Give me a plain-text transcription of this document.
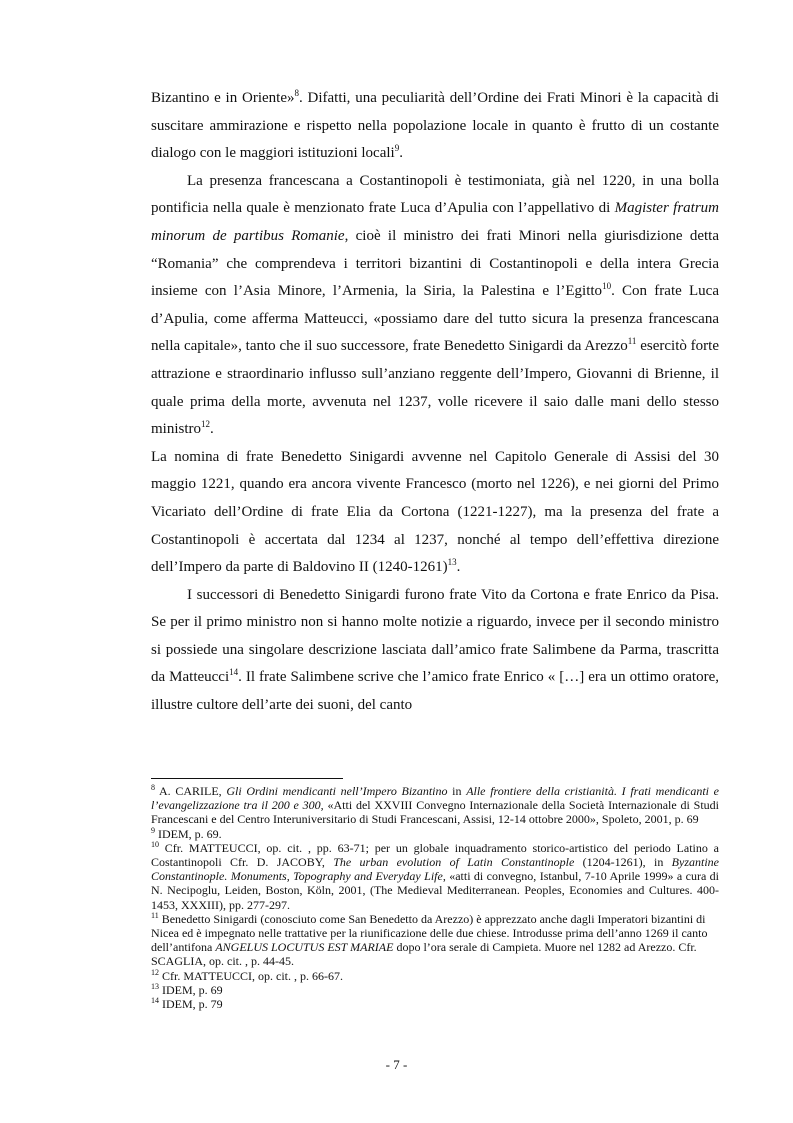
Bizantino e in Oriente»$^8$. Difatti, una peculiarità dell’Ordine dei Frati Minori è la capacità di suscitare ammirazione e rispetto nella popolazione locale in quanto è frutto di un costante dialogo con le maggiori istituzioni locali$^9$.

La presenza francescana a Costantinopoli è testimoniata, già nel 1220, in una bolla pontificia nella quale è menzionato frate Luca d’Apulia con l’appellativo di Magister fratrum minorum de partibus Romanie, cioè il ministro dei frati Minori nella giurisdizione detta “Romania” che comprendeva i territori bizantini di Costantinopoli e della intera Grecia insieme con l’Asia Minore, l’Armenia, la Siria, la Palestina e l’Egitto$^{10}$. Con frate Luca d’Apulia, come afferma Matteucci, «possiamo dare del tutto sicura la presenza francescana nella capitale», tanto che il suo successore, frate Benedetto Sinigardi da Arezzo$^{11}$ esercitò forte attrazione e straordinario influsso sull’anziano reggente dell’Impero, Giovanni di Brienne, il quale prima della morte, avvenuta nel 1237, volle ricevere il saio dalle mani dello stesso ministro$^{12}$.

La nomina di frate Benedetto Sinigardi avvenne nel Capitolo Generale di Assisi del 30 maggio 1221, quando era ancora vivente Francesco (morto nel 1226), e nei giorni del Primo Vicariato dell’Ordine di frate Elia da Cortona (1221-1227), ma la presenza del frate a Costantinopoli è accertata dal 1234 al 1237, nonché al tempo dell’effettiva direzione dell’Impero da parte di Baldovino II (1240-1261)$^{13}$.

I successori di Benedetto Sinigardi furono frate Vito da Cortona e frate Enrico da Pisa. Se per il primo ministro non si hanno molte notizie a riguardo, invece per il secondo ministro si possiede una singolare descrizione lasciata dall’amico frate Salimbene da Parma, trascritta da Matteucci$^{14}$. Il frate Salimbene scrive che l’amico frate Enrico « […] era un ottimo oratore, illustre cultore dell’arte dei suoni, del canto

$^8$ A. CARILE, Gli Ordini mendicanti nell’Impero Bizantino in Alle frontiere della cristianità. I frati mendicanti e l’evangelizzazione tra il 200 e 300, «Atti del XXVIII Convegno Internazionale della Società Internazionale di Studi Francescani e del Centro Interuniversitario di Studi Francescani, Assisi, 12-14 ottobre 2000», Spoleto, 2001, p. 69

$^9$ IDEM, p. 69.

$^{10}$ Cfr. MATTEUCCI, op. cit. , pp. 63-71; per un globale inquadramento storico-artistico del periodo Latino a Costantinopoli Cfr. D. JACOBY, The urban evolution of Latin Constantinople (1204-1261), in Byzantine Constantinople. Monuments, Topography and Everyday Life, «atti di convegno, Istanbul, 7-10 Aprile 1999» a cura di N. Necipoglu, Leiden, Boston, Köln, 2001, (The Medieval Mediterranean. Peoples, Economies and Cultures. 400-1453, XXXIII), pp. 277-297.

$^{11}$ Benedetto Sinigardi (conosciuto come San Benedetto da Arezzo) è apprezzato anche dagli Imperatori bizantini di Nicea ed è impegnato nelle trattative per la riunificazione delle due chiese. Introdusse prima dell’anno 1269 il canto dell’antifona ANGELUS LOCUTUS EST MARIAE dopo l’ora serale di Campieta. Muore nel 1282 ad Arezzo. Cfr. SCAGLIA, op. cit. , p. 44-45.

$^{12}$ Cfr. MATTEUCCI, op. cit. , p. 66-67.

$^{13}$ IDEM, p. 69

$^{14}$ IDEM, p. 79

- 7 -
